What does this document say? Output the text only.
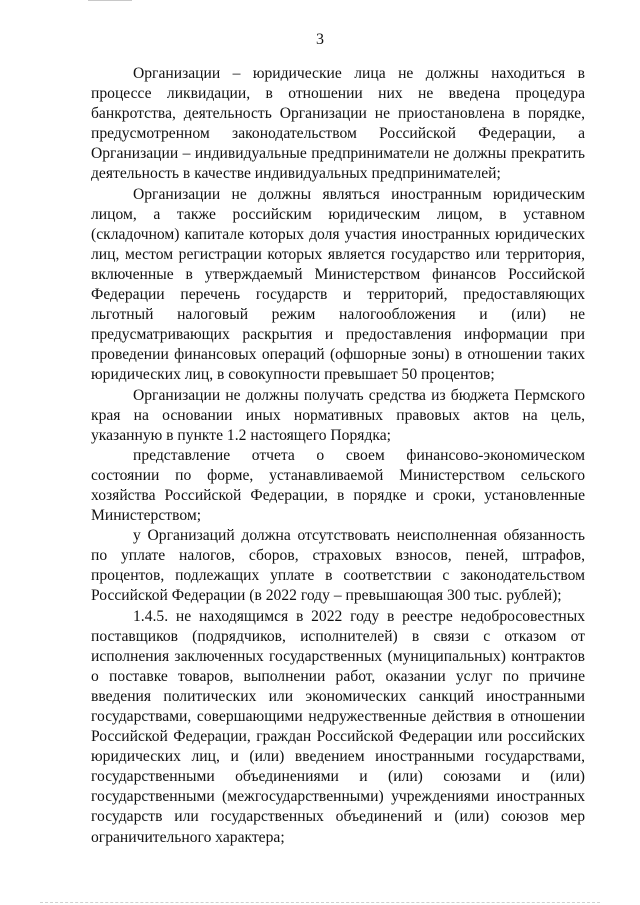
3

Организации – юридические лица не должны находиться в процессе ликвидации, в отношении них не введена процедура банкротства, деятельность Организации не приостановлена в порядке, предусмотренном законодательством Российской Федерации, а Организации – индивидуальные предприниматели не должны прекратить деятельность в качестве индивидуальных предпринимателей;

Организации не должны являться иностранным юридическим лицом, а также российским юридическим лицом, в уставном (складочном) капитале которых доля участия иностранных юридических лиц, местом регистрации которых является государство или территория, включенные в утверждаемый Министерством финансов Российской Федерации перечень государств и территорий, предоставляющих льготный налоговый режим налогообложения и (или) не предусматривающих раскрытия и предоставления информации при проведении финансовых операций (офшорные зоны) в отношении таких юридических лиц, в совокупности превышает 50 процентов;

Организации не должны получать средства из бюджета Пермского края на основании иных нормативных правовых актов на цель, указанную в пункте 1.2 настоящего Порядка;

представление отчета о своем финансово-экономическом состоянии по форме, устанавливаемой Министерством сельского хозяйства Российской Федерации, в порядке и сроки, установленные Министерством;

у Организаций должна отсутствовать неисполненная обязанность по уплате налогов, сборов, страховых взносов, пеней, штрафов, процентов, подлежащих уплате в соответствии с законодательством Российской Федерации (в 2022 году – превышающая 300 тыс. рублей);

1.4.5. не находящимся в 2022 году в реестре недобросовестных поставщиков (подрядчиков, исполнителей) в связи с отказом от исполнения заключенных государственных (муниципальных) контрактов о поставке товаров, выполнении работ, оказании услуг по причине введения политических или экономических санкций иностранными государствами, совершающими недружественные действия в отношении Российской Федерации, граждан Российской Федерации или российских юридических лиц, и (или) введением иностранными государствами, государственными объединениями и (или) союзами и (или) государственными (межгосударственными) учреждениями иностранных государств или государственных объединений и (или) союзов мер ограничительного характера;
